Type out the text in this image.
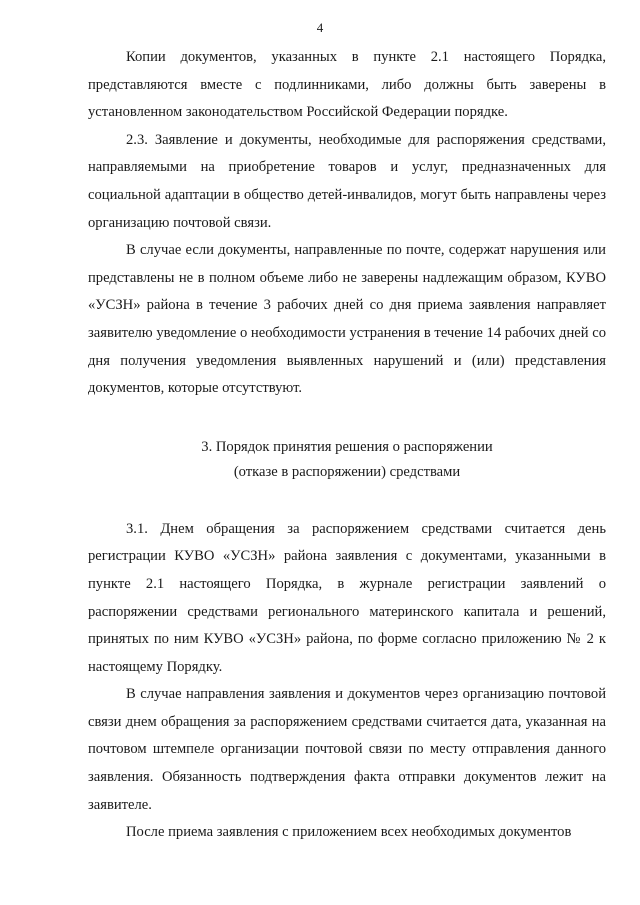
4

Копии документов, указанных в пункте 2.1 настоящего Порядка, представляются вместе с подлинниками, либо должны быть заверены в установленном законодательством Российской Федерации порядке.

2.3. Заявление и документы, необходимые для распоряжения средствами, направляемыми на приобретение товаров и услуг, предназначенных для социальной адаптации в общество детей-инвалидов, могут быть направлены через организацию почтовой связи.

В случае если документы, направленные по почте, содержат нарушения или представлены не в полном объеме либо не заверены надлежащим образом, КУВО «УСЗН» района в течение 3 рабочих дней со дня приема заявления направляет заявителю уведомление о необходимости устранения в течение 14 рабочих дней со дня получения уведомления выявленных нарушений и (или) представления документов, которые отсутствуют.

3. Порядок принятия решения о распоряжении
(отказе в распоряжении) средствами

3.1. Днем обращения за распоряжением средствами считается день регистрации КУВО «УСЗН» района заявления с документами, указанными в пункте 2.1 настоящего Порядка, в журнале регистрации заявлений о распоряжении средствами регионального материнского капитала и решений, принятых по ним КУВО «УСЗН» района, по форме согласно приложению № 2 к настоящему Порядку.

В случае направления заявления и документов через организацию почтовой связи днем обращения за распоряжением средствами считается дата, указанная на почтовом штемпеле организации почтовой связи по месту отправления данного заявления. Обязанность подтверждения факта отправки документов лежит на заявителе.

После приема заявления с приложением всех необходимых документов
